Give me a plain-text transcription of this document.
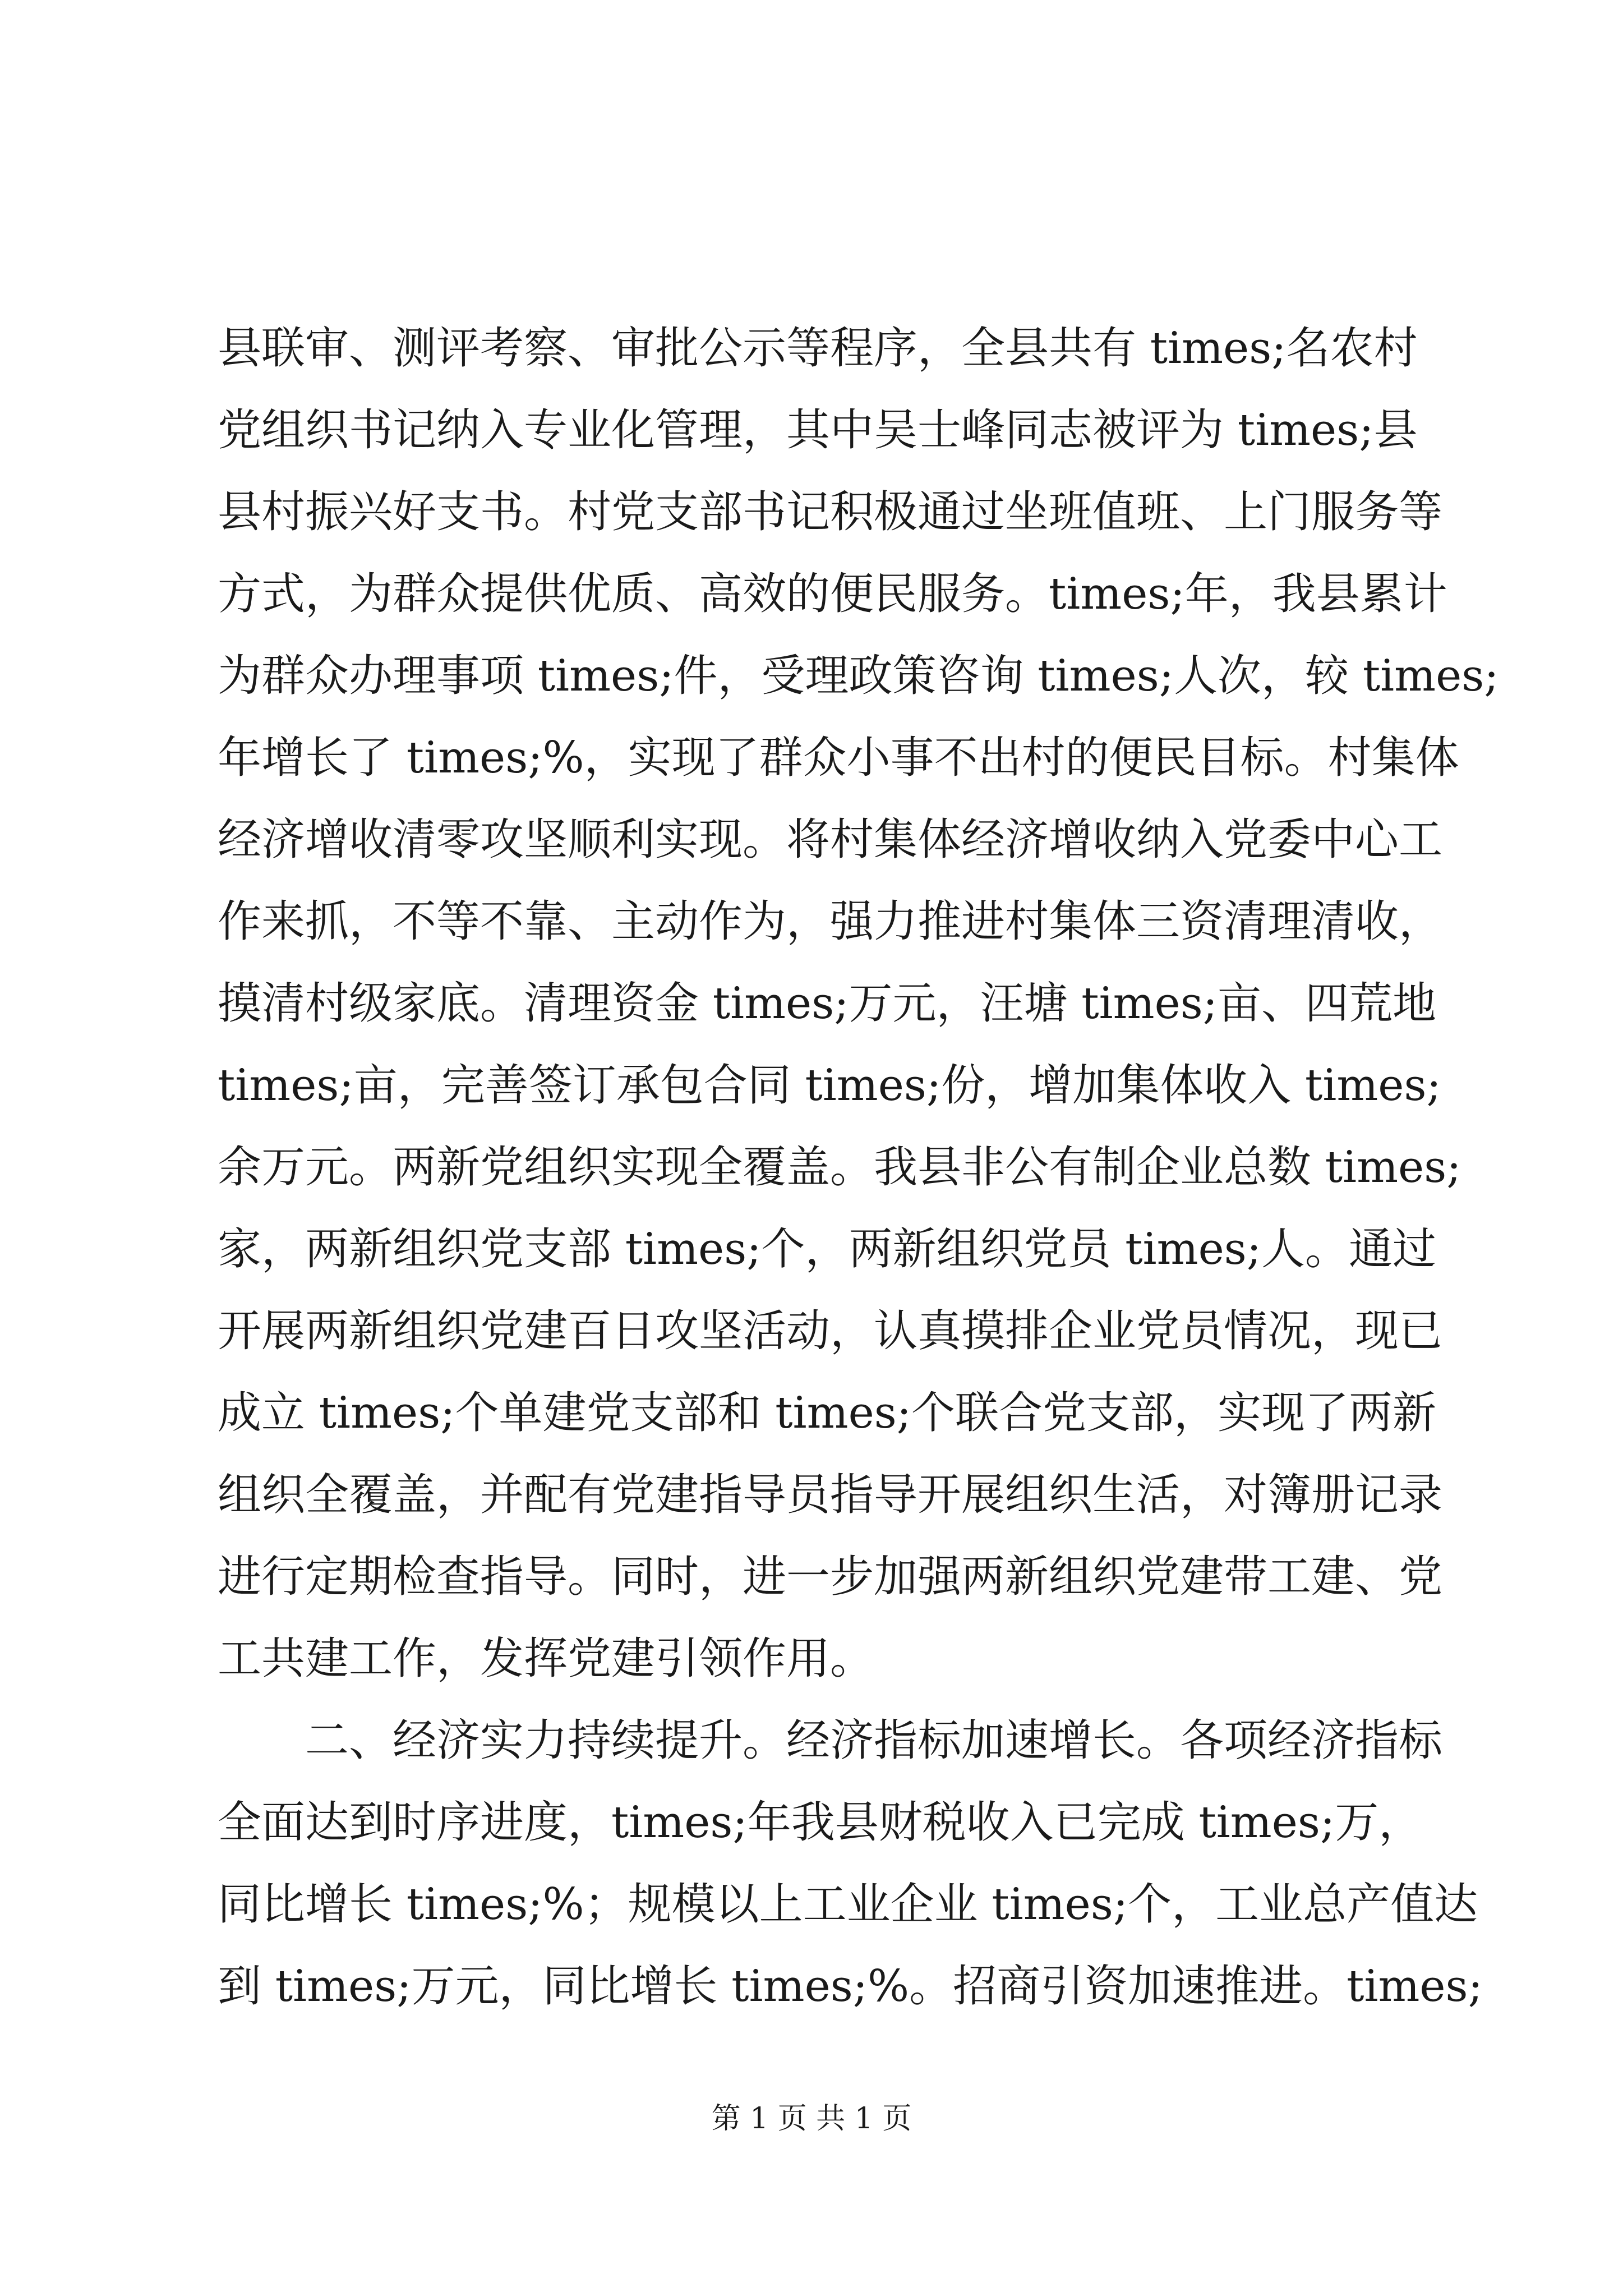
县联审、测评考察、审批公示等程序，全县共有 times;名农村
党组织书记纳入专业化管理，其中吴士峰同志被评为 times;县
县村振兴好支书。村党支部书记积极通过坐班值班、上门服务等
方式，为群众提供优质、高效的便民服务。times;年，我县累计
为群众办理事项 times;件，受理政策咨询 times;人次，较 times;
年增长了 times;%，实现了群众小事不出村的便民目标。村集体
经济增收清零攻坚顺利实现。将村集体经济增收纳入党委中心工
作来抓，不等不靠、主动作为，强力推进村集体三资清理清收，
摸清村级家底。清理资金 times;万元，汪塘 times;亩、四荒地
times;亩，完善签订承包合同 times;份，增加集体收入 times;
余万元。两新党组织实现全覆盖。我县非公有制企业总数 times;
家，两新组织党支部 times;个，两新组织党员 times;人。通过
开展两新组织党建百日攻坚活动，认真摸排企业党员情况，现已
成立 times;个单建党支部和 times;个联合党支部，实现了两新
组织全覆盖，并配有党建指导员指导开展组织生活，对簿册记录
进行定期检查指导。同时，进一步加强两新组织党建带工建、党
工共建工作，发挥党建引领作用。
二、经济实力持续提升。经济指标加速增长。各项经济指标
全面达到时序进度，times;年我县财税收入已完成 times;万，
同比增长 times;%；规模以上工业企业 times;个，工业总产值达
到 times;万元，同比增长 times;%。招商引资加速推进。times;
第 1 页 共 1 页
